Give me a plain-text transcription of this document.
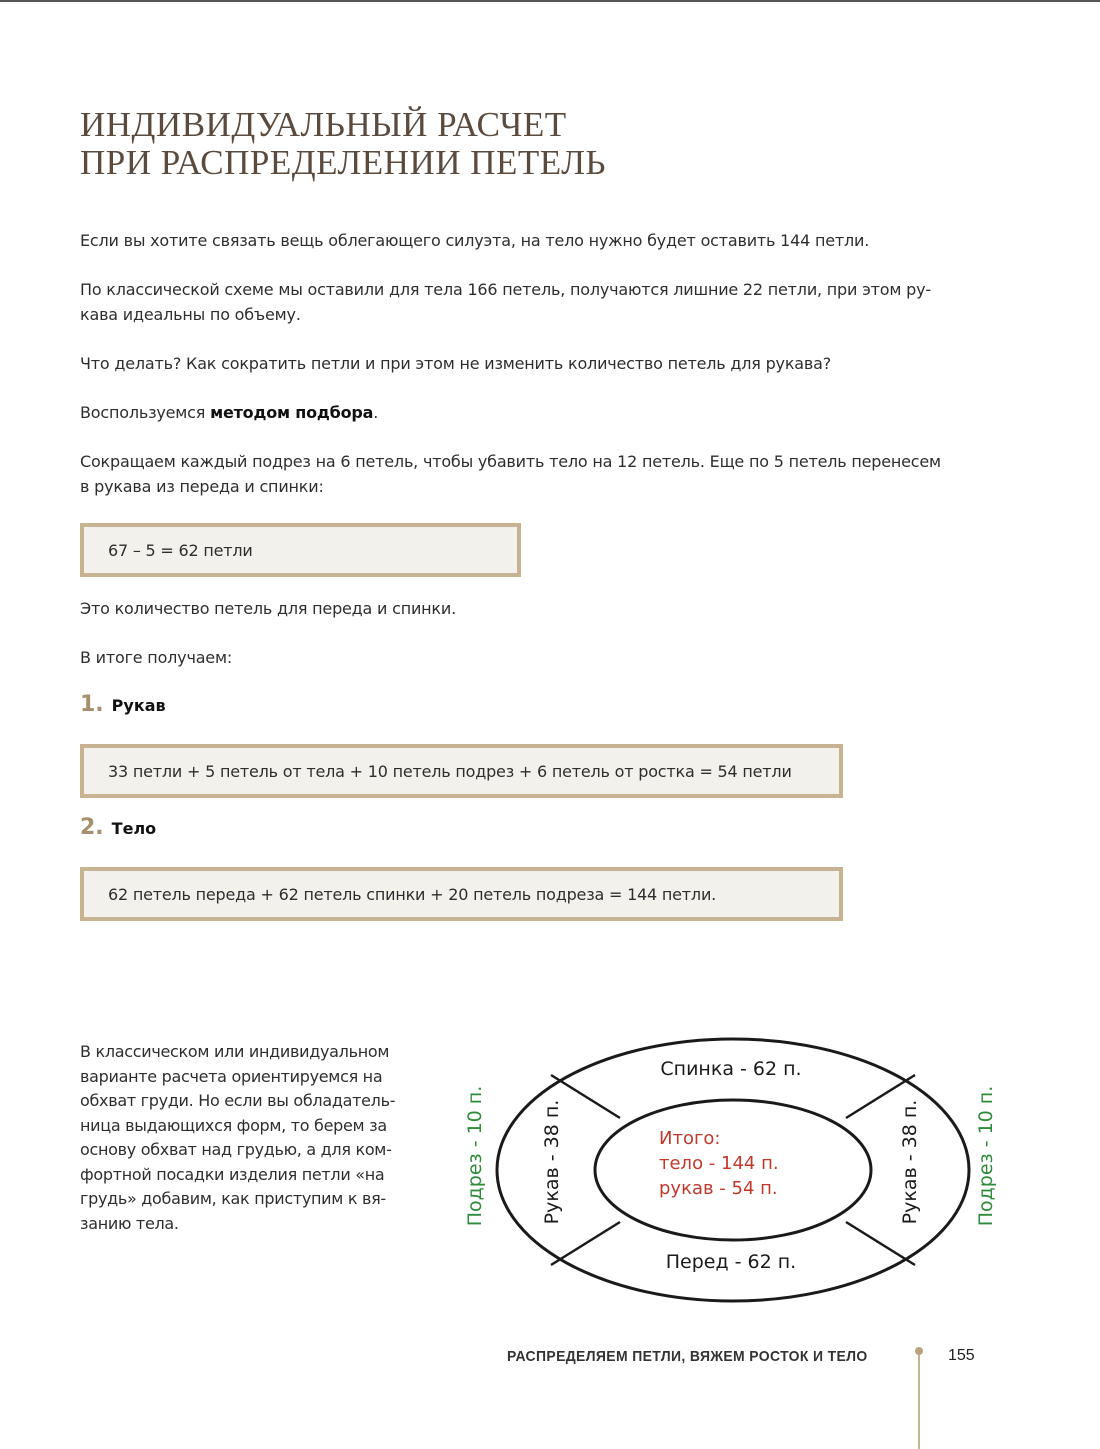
ИНДИВИДУАЛЬНЫЙ РАСЧЕТ
ПРИ РАСПРЕДЕЛЕНИИ ПЕТЕЛЬ

Если вы хотите связать вещь облегающего силуэта, на тело нужно будет оставить 144 петли.

По классической схеме мы оставили для тела 166 петель, получаются лишние 22 петли, при этом ру-
кава идеальны по объему.

Что делать? Как сократить петли и при этом не изменить количество петель для рукава?

Воспользуемся методом подбора.

Сокращаем каждый подрез на 6 петель, чтобы убавить тело на 12 петель. Еще по 5 петель перенесем
в рукава из переда и спинки:

67 – 5 = 62 петли

Это количество петель для переда и спинки.

В итоге получаем:

1. Рукав
33 петли + 5 петель от тела + 10 петель подрез + 6 петель от ростка = 54 петли
2. Тело
62 петель переда + 62 петель спинки + 20 петель подреза = 144 петли.

В классическом или индивидуальном варианте расчета ориентируемся на обхват груди. Но если вы обладатель-ница выдающихся форм, то берем за основу обхват над грудью, а для ком-фортной посадки изделия петли «на грудь» добавим, как приступим к вя-занию тела.

Спинка - 62 п.
Перед - 62 п.
Рукав - 38 п.	Рукав - 38 п.
Подрез - 10 п.	Подрез - 10 п.
Итого:
тело - 144 п.
рукав - 54 п.
РАСПРЕДЕЛЯЕМ ПЕТЛИ, ВЯЖЕМ РОСТОК И ТЕЛО	155
